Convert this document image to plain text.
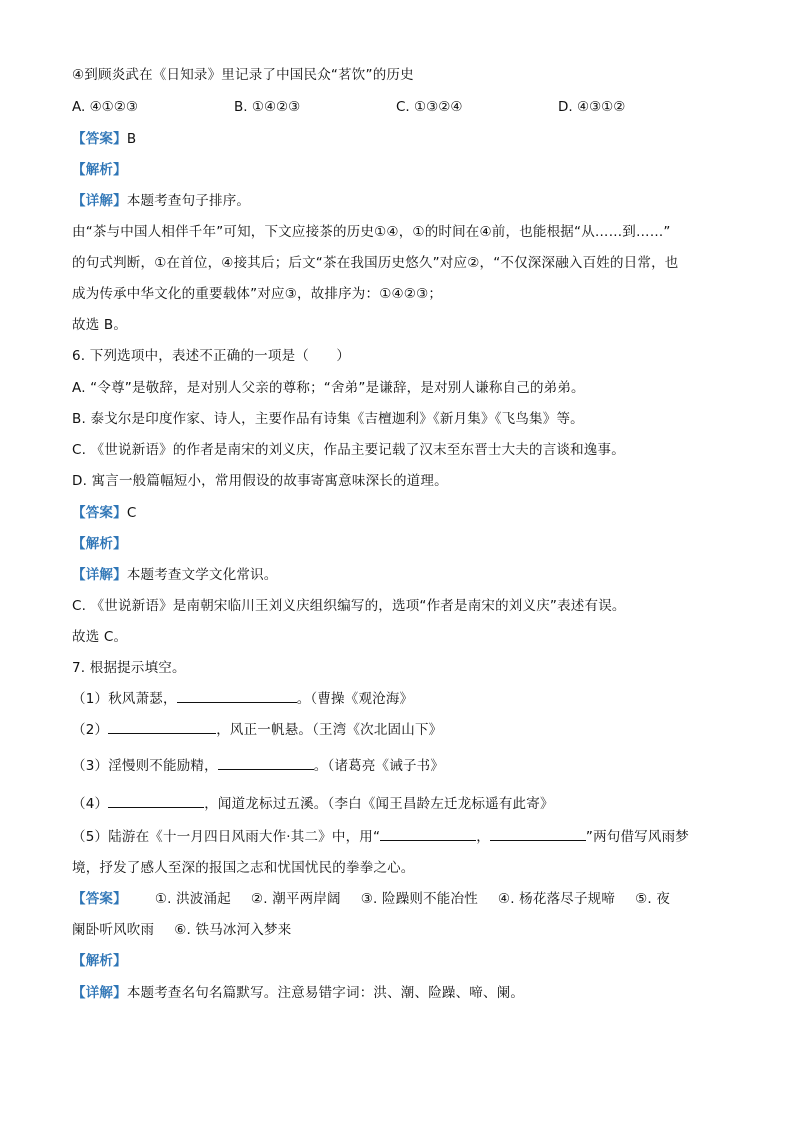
④到顾炎武在《日知录》里记录了中国民众“茗饮”的历史
A. ④①②③	B. ①④②③	C. ①③②④	D. ④③①②
【答案】B
【解析】
【详解】本题考查句子排序。
由“茶与中国人相伴千年”可知，下文应接茶的历史①④，①的时间在④前，也能根据“从……到……”
的句式判断，①在首位，④接其后；后文“茶在我国历史悠久”对应②，“不仅深深融入百姓的日常，也
成为传承中华文化的重要载体”对应③，故排序为：①④②③；
故选 B。
6. 下列选项中，表述不正确的一项是（　　）
A. “令尊”是敬辞，是对别人父亲的尊称；“舍弟”是谦辞，是对别人谦称自己的弟弟。
B. 泰戈尔是印度作家、诗人，主要作品有诗集《吉檀迦利》《新月集》《飞鸟集》等。
C. 《世说新语》的作者是南宋的刘义庆，作品主要记载了汉末至东晋士大夫的言谈和逸事。
D. 寓言一般篇幅短小，常用假设的故事寄寓意味深长的道理。
【答案】C
【解析】
【详解】本题考查文学文化常识。
C. 《世说新语》是南朝宋临川王刘义庆组织编写的，选项“作者是南宋的刘义庆”表述有误。
故选 C。
7. 根据提示填空。
（1）秋风萧瑟，	。（曹操《观沧海》
（2）	，风正一帆悬。（王湾《次北固山下》
（3）淫慢则不能励精，	。（诸葛亮《诫子书》
（4）	，闻道龙标过五溪。（李白《闻王昌龄左迁龙标遥有此寄》
（5）陆游在《十一月四日风雨大作·其二》中，用“	，	”两句借写风雨梦
境，抒发了感人至深的报国之志和忧国忧民的拳拳之心。
【答案】 ①. 洪波涌起 ②. 潮平两岸阔 ③. 险躁则不能冶性 ④. 杨花落尽子规啼 ⑤. 夜
阑卧听风吹雨 ⑥. 铁马冰河入梦来
【解析】
【详解】本题考查名句名篇默写。注意易错字词：洪、潮、险躁、啼、阑。
